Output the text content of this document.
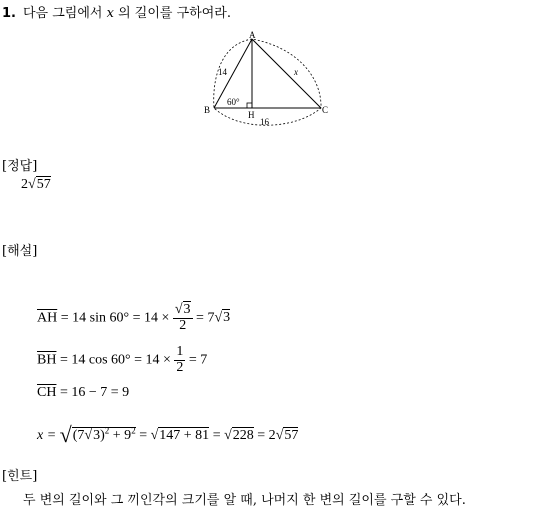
1. 다음 그림에서 x 의 길이를 구하여라.
A
B	C
H
14	x
16
60°
[정답]
2√57
[해설]
$\overline{AH} = 14$ $\sin 60^\circ = 14 \times \frac{√3}{2} = 7√3$
$\overline{BH} = 14$ $\cos 60^\circ = 14 \times \frac{1}{2} = 7$
$\overline{CH} = 16 - 7 = 9$
$x = √(7√3)^2 + 9^2 = √147 + 81 = √228 = 2√57$
[힌트]
두 변의 길이와 그 끼인각의 크기를 알 때, 나머지 한 변의 길이를 구할 수 있다.
